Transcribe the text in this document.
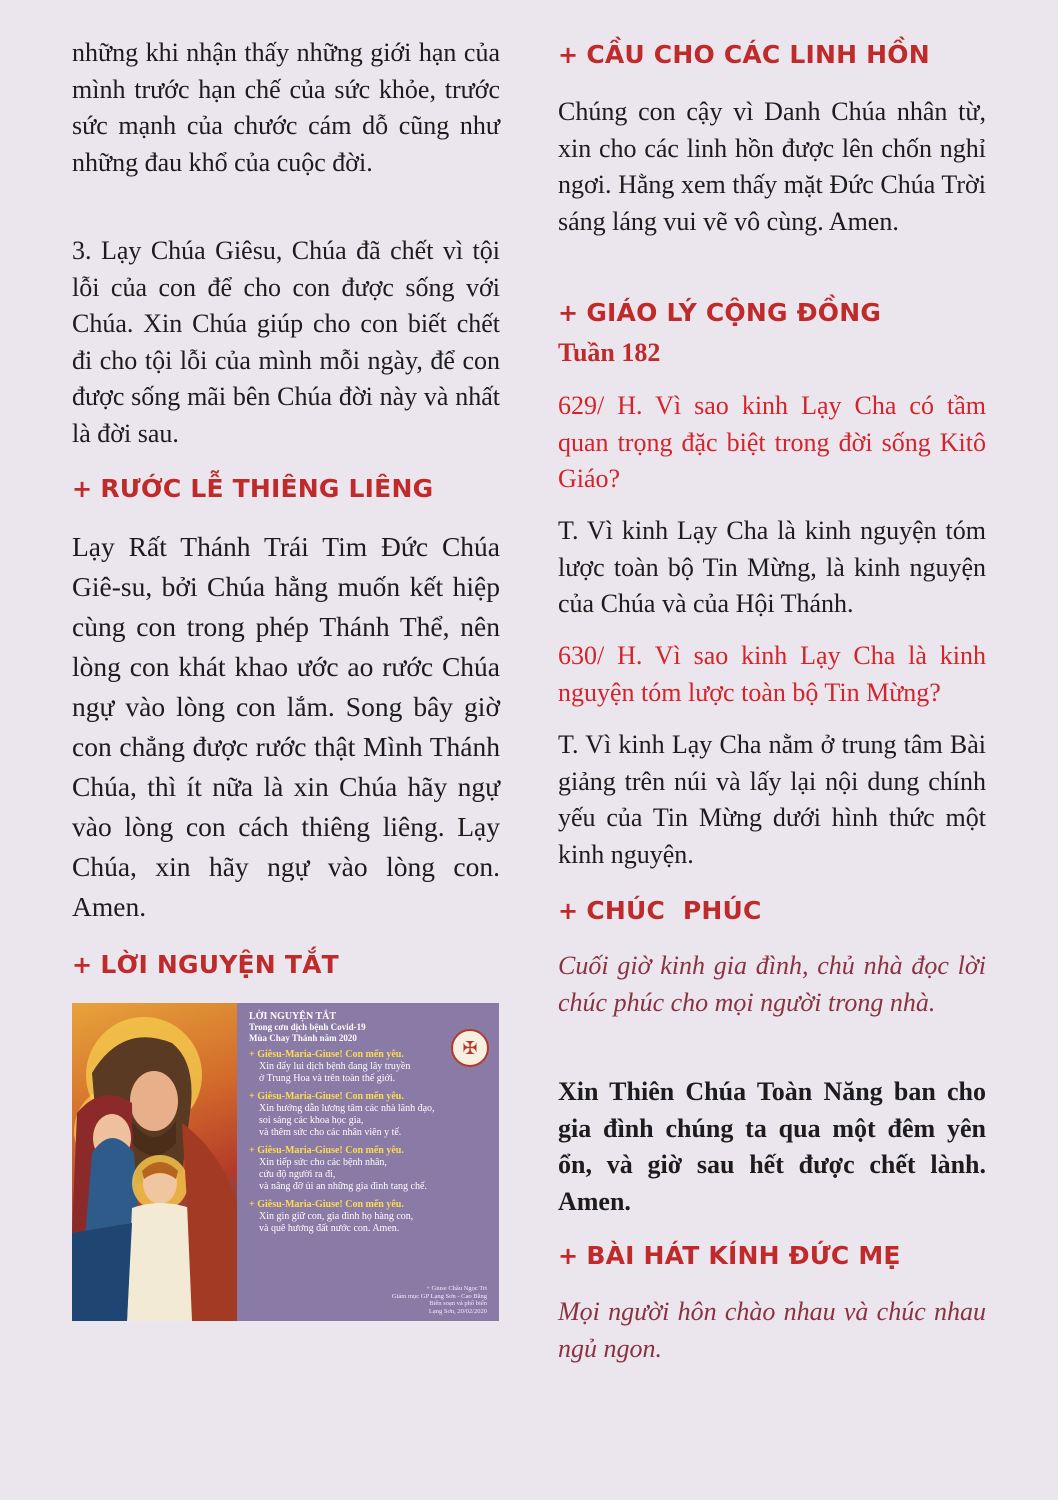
những khi nhận thấy những giới hạn của mình trước hạn chế của sức khỏe, trước sức mạnh của chước cám dỗ cũng như những đau khổ của cuộc đời.

3. Lạy Chúa Giêsu, Chúa đã chết vì tội lỗi của con để cho con được sống với Chúa. Xin Chúa giúp cho con biết chết đi cho tội lỗi của mình mỗi ngày, để con được sống mãi bên Chúa đời này và nhất là đời sau.

+ RƯỚC LỄ THIÊNG LIÊNG

Lạy Rất Thánh Trái Tim Đức Chúa Giê-su, bởi Chúa hằng muốn kết hiệp cùng con trong phép Thánh Thể, nên lòng con khát khao ước ao rước Chúa ngự vào lòng con lắm. Song bây giờ con chẳng được rước thật Mình Thánh Chúa, thì ít nữa là xin Chúa hãy ngự vào lòng con cách thiêng liêng. Lạy Chúa, xin hãy ngự vào lòng con. Amen.

+ LỜI NGUYỆN TẮT
LỜI NGUYỆN TẮT
Trong cơn dịch bệnh Covid-19
Mùa Chay Thánh năm 2020	✠
+ Giêsu-Maria-Giuse! Con mến yêu.
Xin đẩy lui dịch bệnh đang lây truyền
ở Trung Hoa và trên toàn thế giới.
+ Giêsu-Maria-Giuse! Con mến yêu.
Xin hướng dẫn lương tâm các nhà lãnh đạo,
soi sáng các khoa học gia,
và thêm sức cho các nhân viên y tế.
+ Giêsu-Maria-Giuse! Con mến yêu.
Xin tiếp sức cho các bệnh nhân,
cứu độ người ra đi,
và nâng đỡ ủi an những gia đình tang chế.
+ Giêsu-Maria-Giuse! Con mến yêu.
Xin gìn giữ con, gia đình họ hàng con,
và quê hương đất nước con. Amen.
+ Giuse Châu Ngọc Tri
Giám mục GP Lạng Sơn - Cao Bằng
Biên soạn và phổ biến
Lạng Sơn, 20/02/2020
+ CẦU CHO CÁC LINH HỒN

Chúng con cậy vì Danh Chúa nhân từ, xin cho các linh hồn được lên chốn nghỉ ngơi. Hằng xem thấy mặt Đức Chúa Trời sáng láng vui vẽ vô cùng. Amen.

+ GIÁO LÝ CỘNG ĐỒNG
Tuần 182

629/ H. Vì sao kinh Lạy Cha có tầm quan trọng đặc biệt trong đời sống Kitô Giáo?

T. Vì kinh Lạy Cha là kinh nguyện tóm lược toàn bộ Tin Mừng, là kinh nguyện của Chúa và của Hội Thánh.

630/ H. Vì sao kinh Lạy Cha là kinh nguyện tóm lược toàn bộ Tin Mừng?

T. Vì kinh Lạy Cha nằm ở trung tâm Bài giảng trên núi và lấy lại nội dung chính yếu của Tin Mừng dưới hình thức một kinh nguyện.

+ CHÚC  PHÚC

Cuối giờ kinh gia đình, chủ nhà đọc lời chúc phúc cho mọi người trong nhà.

Xin Thiên Chúa Toàn Năng ban cho gia đình chúng ta qua một đêm yên ổn, và giờ sau hết được chết lành. Amen.

+ BÀI HÁT KÍNH ĐỨC MẸ

Mọi người hôn chào nhau và chúc nhau ngủ ngon.
